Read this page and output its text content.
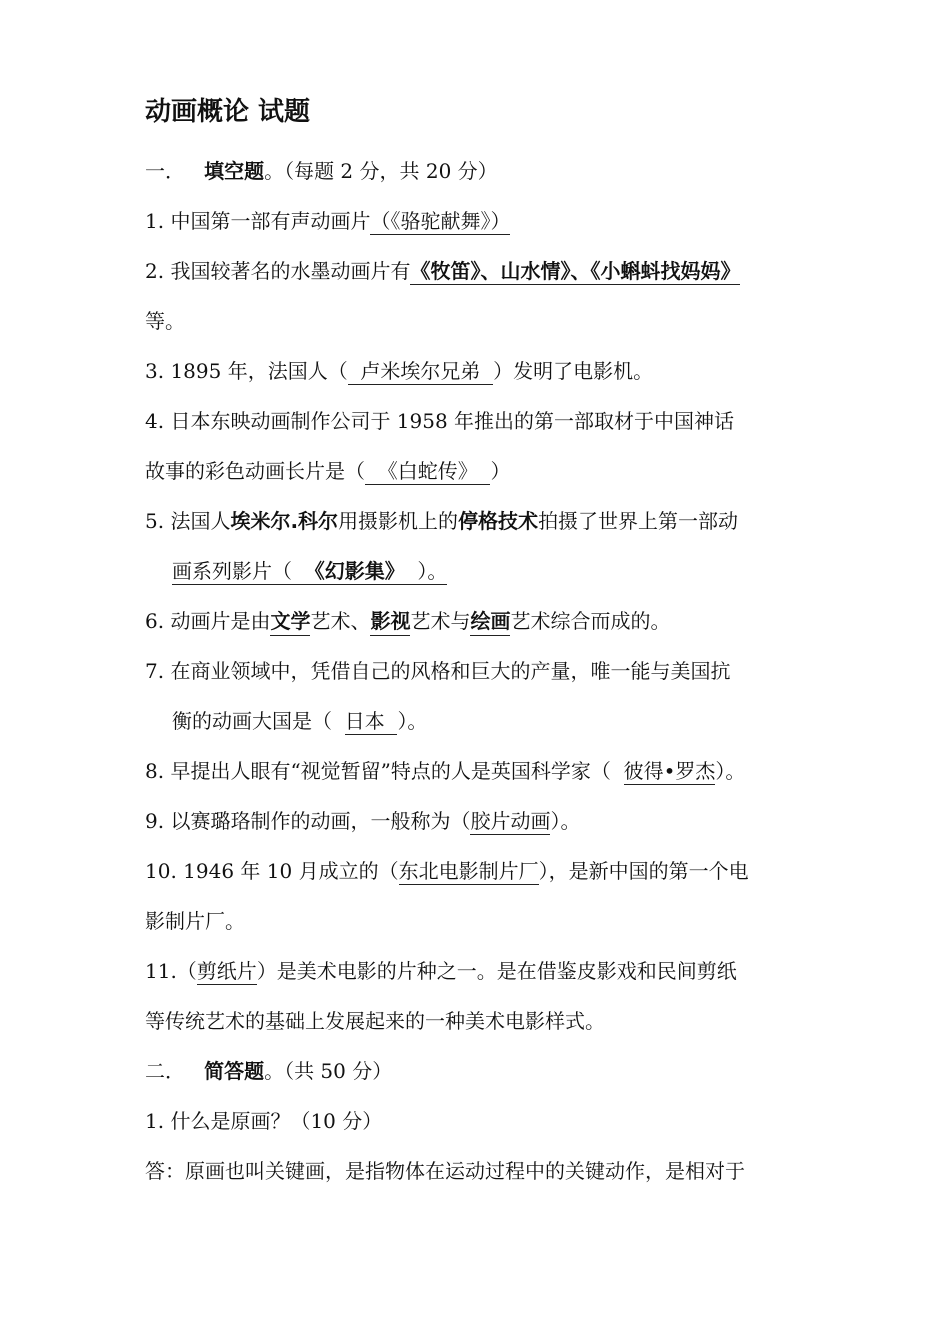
动画概论 试题
一． 填空题。（每题 2 分，共 20 分）
1. 中国第一部有声动画片（《骆驼献舞》）
2. 我国较著名的水墨动画片有《牧笛》、山水情》、《小蝌蚪找妈妈》
等。
3. 1895 年，法国人（  卢米埃尔兄弟  ）发明了电影机。
4. 日本东映动画制作公司于 1958 年推出的第一部取材于中国神话
故事的彩色动画长片是（  《白蛇传》  ）
5. 法国人埃米尔.科尔用摄影机上的停格技术拍摄了世界上第一部动
画系列影片（  《幻影集》  ）。
6. 动画片是由文学艺术、影视艺术与绘画艺术综合而成的。
7. 在商业领域中，凭借自己的风格和巨大的产量，唯一能与美国抗
衡的动画大国是（  日本  ）。
8. 早提出人眼有“视觉暂留”特点的人是英国科学家（  彼得•罗杰）。
9. 以赛璐珞制作的动画，一般称为（胶片动画）。
10. 1946 年 10 月成立的（东北电影制片厂），是新中国的第一个电
影制片厂。
11.（剪纸片）是美术电影的片种之一。是在借鉴皮影戏和民间剪纸
等传统艺术的基础上发展起来的一种美术电影样式。
二． 简答题。（共 50 分）
1. 什么是原画？（10 分）
答：原画也叫关键画，是指物体在运动过程中的关键动作，是相对于
